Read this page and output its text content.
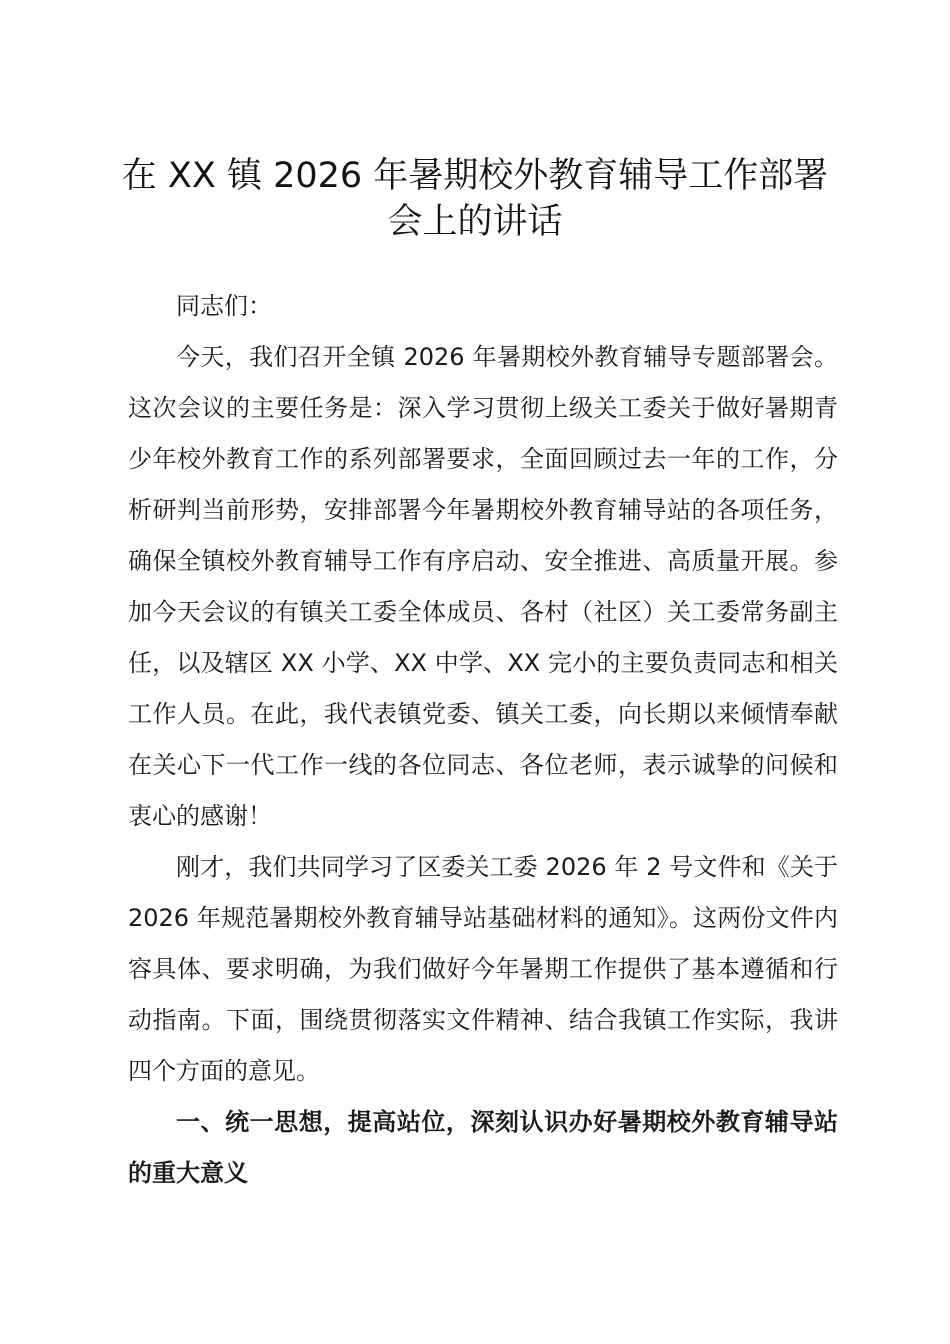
在 XX 镇 2026 年暑期校外教育辅导工作部署
会上的讲话

同志们：

今天，我们召开全镇 2026 年暑期校外教育辅导专题部署会。这次会议的主要任务是：深入学习贯彻上级关工委关于做好暑期青少年校外教育工作的系列部署要求，全面回顾过去一年的工作，分析研判当前形势，安排部署今年暑期校外教育辅导站的各项任务，确保全镇校外教育辅导工作有序启动、安全推进、高质量开展。参加今天会议的有镇关工委全体成员、各村（社区）关工委常务副主任，以及辖区 XX 小学、XX 中学、XX 完小的主要负责同志和相关工作人员。在此，我代表镇党委、镇关工委，向长期以来倾情奉献在关心下一代工作一线的各位同志、各位老师，表示诚挚的问候和衷心的感谢！

刚才，我们共同学习了区委关工委 2026 年 2 号文件和《关于 2026 年规范暑期校外教育辅导站基础材料的通知》。这两份文件内容具体、要求明确，为我们做好今年暑期工作提供了基本遵循和行动指南。下面，围绕贯彻落实文件精神、结合我镇工作实际，我讲四个方面的意见。

一、统一思想，提高站位，深刻认识办好暑期校外教育辅导站的重大意义
